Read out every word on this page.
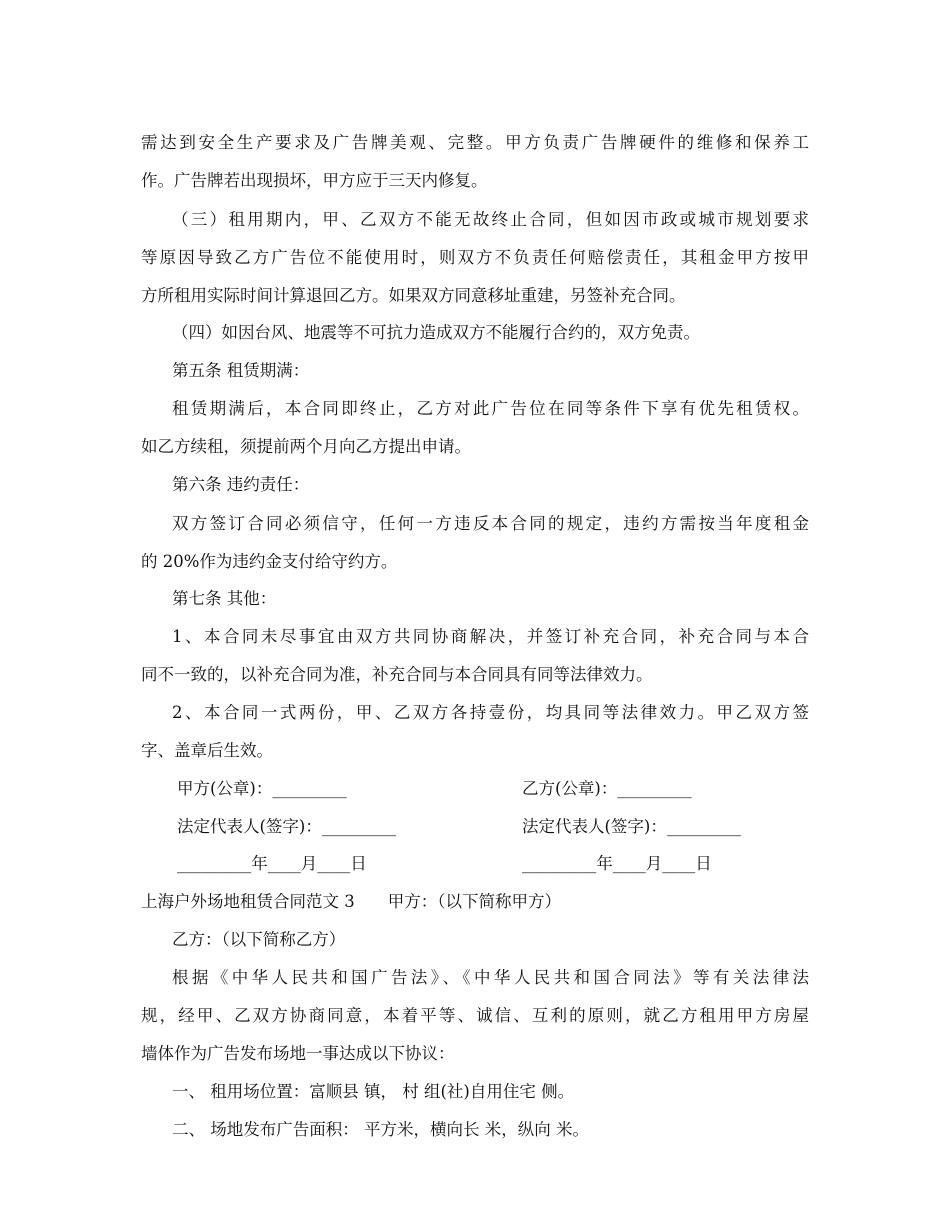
需达到安全生产要求及广告牌美观、完整。甲方负责广告牌硬件的维修和保养工
作。广告牌若出现损坏，甲方应于三天内修复。
（三）租用期内，甲、乙双方不能无故终止合同，但如因市政或城市规划要求
等原因导致乙方广告位不能使用时，则双方不负责任何赔偿责任，其租金甲方按甲
方所租用实际时间计算退回乙方。如果双方同意移址重建，另签补充合同。
（四）如因台风、地震等不可抗力造成双方不能履行合约的，双方免责。
第五条 租赁期满：
租赁期满后，本合同即终止，乙方对此广告位在同等条件下享有优先租赁权。
如乙方续租，须提前两个月向乙方提出申请。
第六条 违约责任：
双方签订合同必须信守，任何一方违反本合同的规定，违约方需按当年度租金
的 20%作为违约金支付给守约方。
第七条 其他：
1、本合同未尽事宜由双方共同协商解决，并签订补充合同，补充合同与本合
同不一致的，以补充合同为准，补充合同与本合同具有同等法律效力。
2、本合同一式两份，甲、乙双方各持壹份，均具同等法律效力。甲乙双方签
字、盖章后生效。
甲方(公章)：_________	乙方(公章)：_________
法定代表人(签字)：_________	法定代表人(签字)：_________
_________年____月____日	_________年____月____日
上海户外场地租赁合同范文 3　　甲方：（以下简称甲方）
乙方：（以下简称乙方）
根据《中华人民共和国广告法》、《中华人民共和国合同法》等有关法律法
规，经甲、乙双方协商同意，本着平等、诚信、互利的原则，就乙方租用甲方房屋
墙体作为广告发布场地一事达成以下协议：
一、 租用场位置：富顺县 镇， 村 组(社)自用住宅 侧。
二、 场地发布广告面积： 平方米，横向长 米，纵向 米。
